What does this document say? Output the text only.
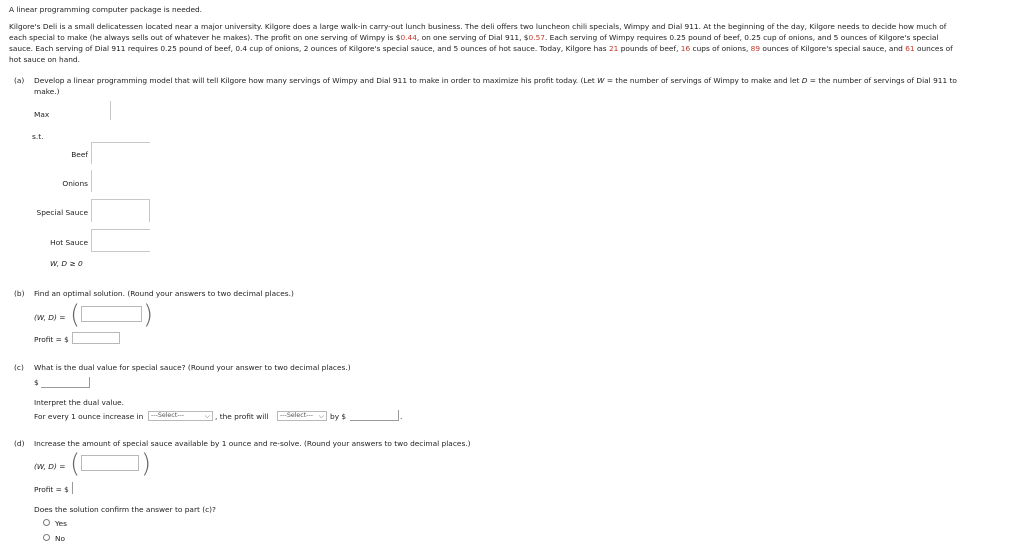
A linear programming computer package is needed.
Kilgore's Deli is a small delicatessen located near a major university. Kilgore does a large walk-in carry-out lunch business. The deli offers two luncheon chili specials, Wimpy and Dial 911. At the beginning of the day, Kilgore needs to decide how much of
each special to make (he always sells out of whatever he makes). The profit on one serving of Wimpy is $0.44, on one serving of Dial 911, $0.57. Each serving of Wimpy requires 0.25 pound of beef, 0.25 cup of onions, and 5 ounces of Kilgore's special
sauce. Each serving of Dial 911 requires 0.25 pound of beef, 0.4 cup of onions, 2 ounces of Kilgore's special sauce, and 5 ounces of hot sauce. Today, Kilgore has 21 pounds of beef, 16 cups of onions, 89 ounces of Kilgore's special sauce, and 61 ounces of
hot sauce on hand.
(a) Develop a linear programming model that will tell Kilgore how many servings of Wimpy and Dial 911 to make in order to maximize his profit today. (Let W = the number of servings of Wimpy to make and let D = the number of servings of Dial 911 to
make.)
Max
s.t.
Beef
Onions
Special Sauce
Hot Sauce
W, D ≥ 0
(b) Find an optimal solution. (Round your answers to two decimal places.)
(W, D) = ( )
Profit = $
(c) What is the dual value for special sauce? (Round your answer to two decimal places.)
$
Interpret the dual value.
For every 1 ounce increase in	---Select---	⌵ , the profit will	---Select--- ⌵ by $	.
(d) Increase the amount of special sauce available by 1 ounce and re-solve. (Round your answers to two decimal places.)
(W, D) = ( )
Profit = $
Does the solution confirm the answer to part (c)?
Yes
No
